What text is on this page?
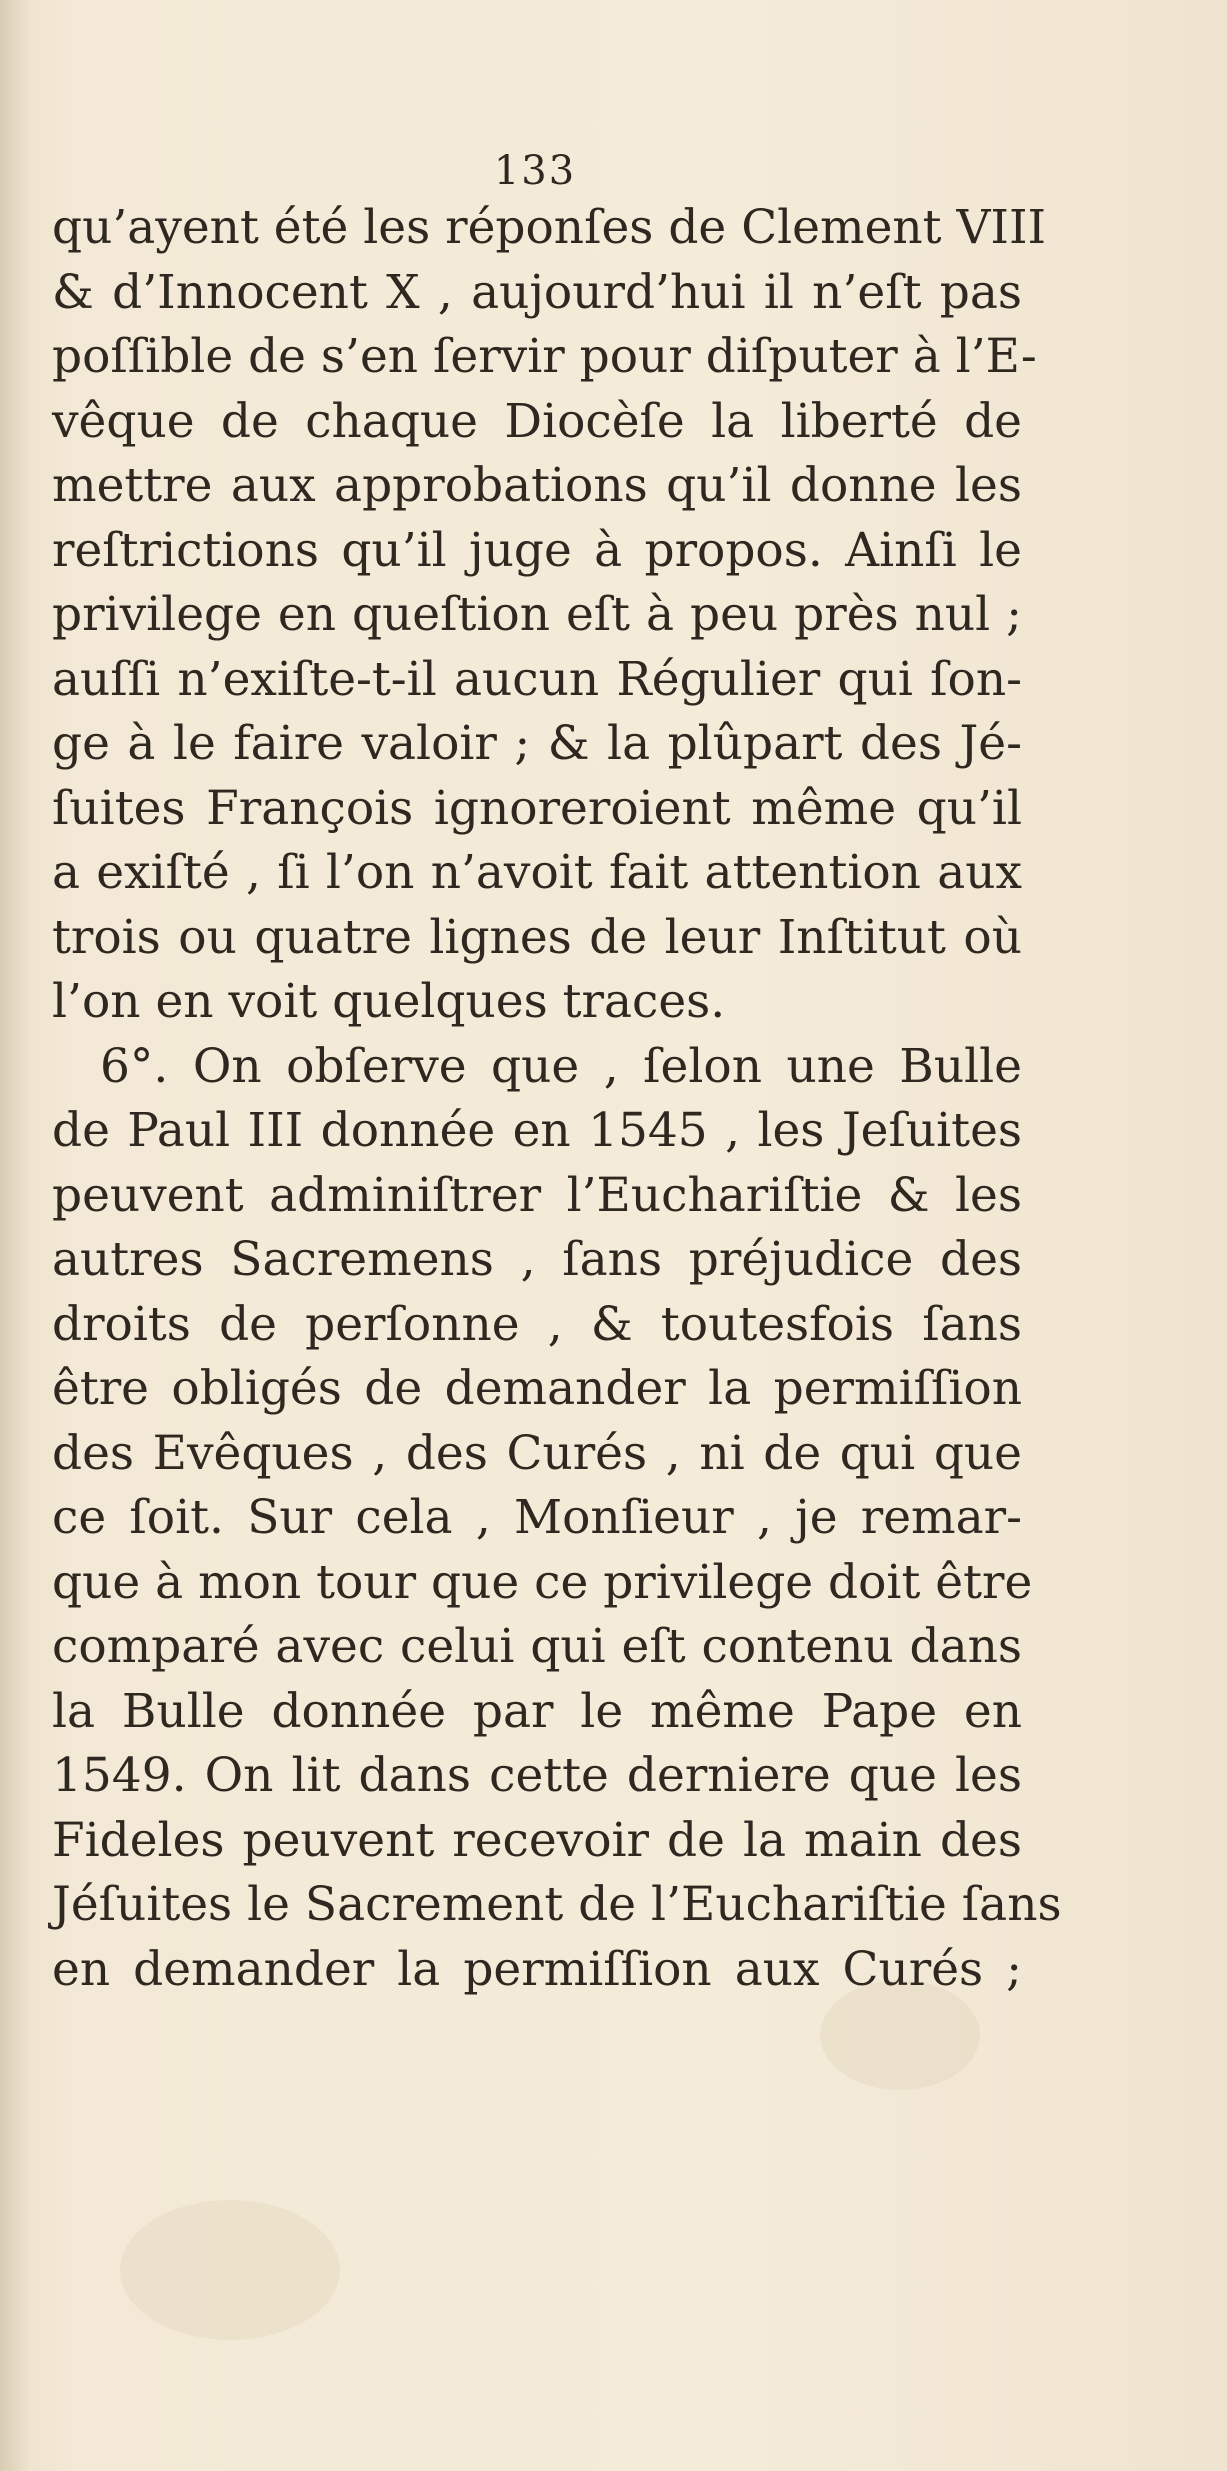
133
qu’ayent été les réponſes de Clement VIII
& d’Innocent X , aujourd’hui il n’eſt pas
poſſible de s’en ſervir pour diſputer à l’E-
vêque de chaque Diocèſe la liberté de
mettre aux approbations qu’il donne les
reſtrictions qu’il juge à propos. Ainſi le
privilege en queſtion eſt à peu près nul ;
auſſi n’exiſte-t-il aucun Régulier qui ſon-
ge à le faire valoir ; & la plûpart des Jé-
ſuites François ignoreroient même qu’il
a exiſté , ſi l’on n’avoit fait attention aux
trois ou quatre lignes de leur Inſtitut où
l’on en voit quelques traces.
6°. On obſerve que , ſelon une Bulle
de Paul III donnée en 1545 , les Jeſuites
peuvent adminiſtrer l’Euchariſtie & les
autres Sacremens , ſans préjudice des
droits de perſonne , & toutesfois ſans
être obligés de demander la permiſſion
des Evêques , des Curés , ni de qui que
ce ſoit. Sur cela , Monſieur , je remar-
que à mon tour que ce privilege doit être
comparé avec celui qui eſt contenu dans
la Bulle donnée par le même Pape en
1549. On lit dans cette derniere que les
Fideles peuvent recevoir de la main des
Jéſuites le Sacrement de l’Euchariſtie ſans
en demander la permiſſion aux Curés ;
